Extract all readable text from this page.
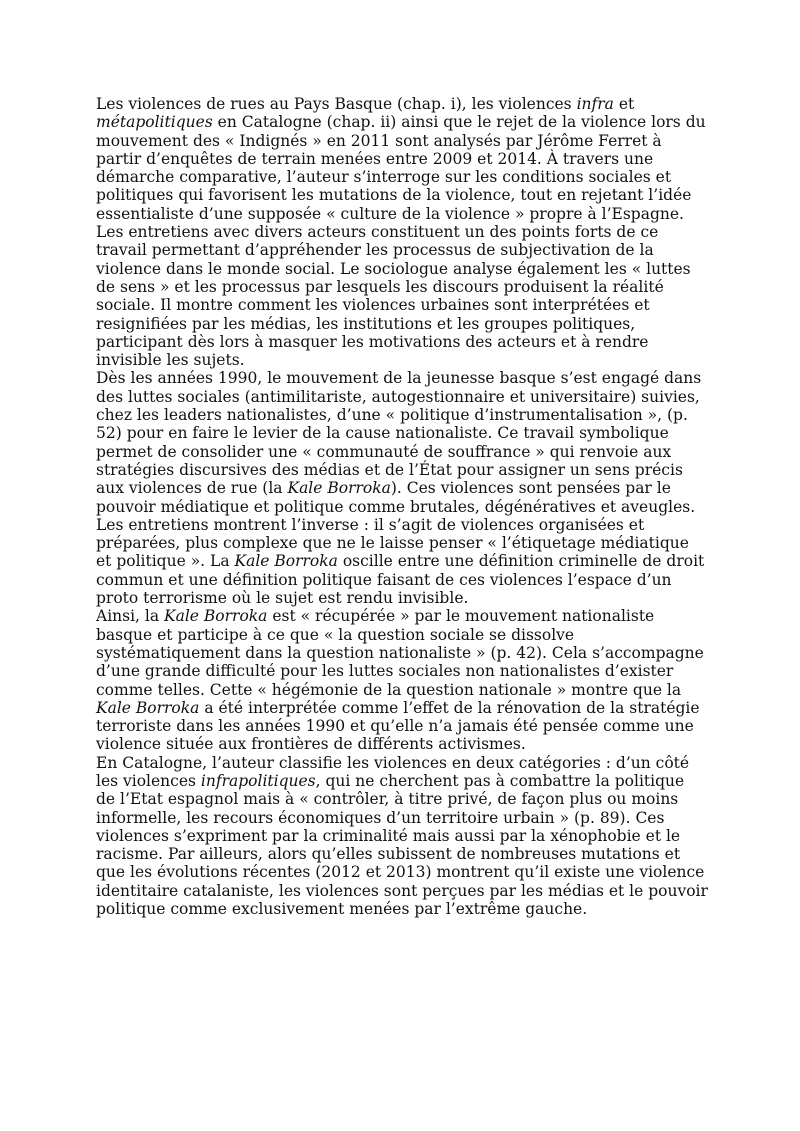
Les violences de rues au Pays Basque (chap. i), les violences infra et métapolitiques en Catalogne (chap. ii) ainsi que le rejet de la violence lors du mouvement des « Indignés » en 2011 sont analysés par Jérôme Ferret à partir d’enquêtes de terrain menées entre 2009 et 2014. À travers une démarche comparative, l’auteur s’interroge sur les conditions sociales et politiques qui favorisent les mutations de la violence, tout en rejetant l’idée essentialiste d’une supposée « culture de la violence » propre à l’Espagne.

Les entretiens avec divers acteurs constituent un des points forts de ce travail permettant d’appréhender les processus de subjectivation de la violence dans le monde social. Le sociologue analyse également les « luttes de sens » et les processus par lesquels les discours produisent la réalité sociale. Il montre comment les violences urbaines sont interprétées et resignifiées par les médias, les institutions et les groupes politiques, participant dès lors à masquer les motivations des acteurs et à rendre invisible les sujets.

Dès les années 1990, le mouvement de la jeunesse basque s’est engagé dans des luttes sociales (antimilitariste, autogestionnaire et universitaire) suivies, chez les leaders nationalistes, d’une « politique d’instrumentalisation », (p. 52) pour en faire le levier de la cause nationaliste. Ce travail symbolique permet de consolider une « communauté de souffrance » qui renvoie aux stratégies discursives des médias et de l’État pour assigner un sens précis aux violences de rue (la Kale Borroka). Ces violences sont pensées par le pouvoir médiatique et politique comme brutales, dégénératives et aveugles. Les entretiens montrent l’inverse : il s’agit de violences organisées et préparées, plus complexe que ne le laisse penser « l’étiquetage médiatique et politique ». La Kale Borroka oscille entre une définition criminelle de droit commun et une définition politique faisant de ces violences l’espace d’un proto terrorisme où le sujet est rendu invisible.

Ainsi, la Kale Borroka est « récupérée » par le mouvement nationaliste basque et participe à ce que « la question sociale se dissolve systématiquement dans la question nationaliste » (p. 42). Cela s’accompagne d’une grande difficulté pour les luttes sociales non nationalistes d’exister comme telles. Cette « hégémonie de la question nationale » montre que la Kale Borroka a été interprétée comme l’effet de la rénovation de la stratégie terroriste dans les années 1990 et qu’elle n’a jamais été pensée comme une violence située aux frontières de différents activismes.

En Catalogne, l’auteur classifie les violences en deux catégories : d’un côté les violences infrapolitiques, qui ne cherchent pas à combattre la politique de l’Etat espagnol mais à « contrôler, à titre privé, de façon plus ou moins informelle, les recours économiques d’un territoire urbain » (p. 89). Ces violences s’expriment par la criminalité mais aussi par la xénophobie et le racisme. Par ailleurs, alors qu’elles subissent de nombreuses mutations et que les évolutions récentes (2012 et 2013) montrent qu’il existe une violence identitaire catalaniste, les violences sont perçues par les médias et le pouvoir politique comme exclusivement menées par l’extrême gauche.
